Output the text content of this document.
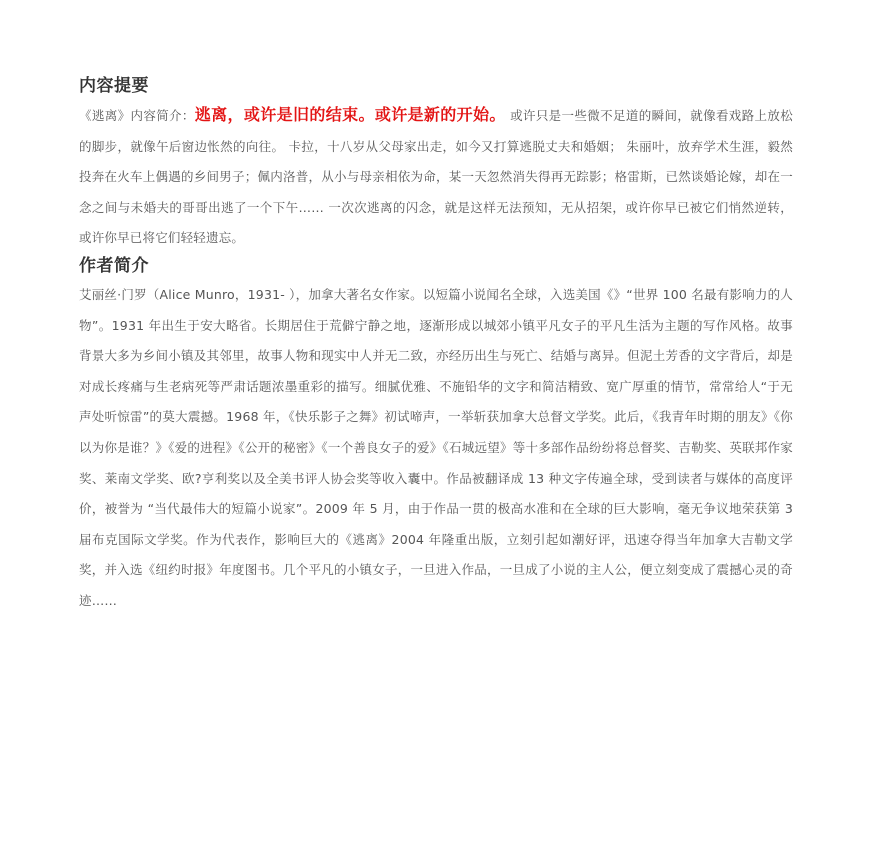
内容提要

《逃离》内容简介：逃离，或许是旧的结束。或许是新的开始。 或许只是一些微不足道的瞬间，就像看戏路上放松的脚步，就像午后窗边怅然的向往。 卡拉，十八岁从父母家出走，如今又打算逃脱丈夫和婚姻； 朱丽叶，放弃学术生涯，毅然投奔在火车上偶遇的乡间男子；佩内洛普，从小与母亲相依为命，某一天忽然消失得再无踪影；格雷斯，已然谈婚论嫁，却在一念之间与未婚夫的哥哥出逃了一个下午…… 一次次逃离的闪念，就是这样无法预知，无从招架，或许你早已被它们悄然逆转，或许你早已将它们轻轻遗忘。

作者简介

艾丽丝·门罗（Alice Munro，1931- ），加拿大著名女作家。以短篇小说闻名全球，入选美国《》“世界 100 名最有影响力的人物”。1931 年出生于安大略省。长期居住于荒僻宁静之地，逐渐形成以城郊小镇平凡女子的平凡生活为主题的写作风格。故事背景大多为乡间小镇及其邻里，故事人物和现实中人并无二致，亦经历出生与死亡、结婚与离异。但泥土芳香的文字背后，却是对成长疼痛与生老病死等严肃话题浓墨重彩的描写。细腻优雅、不施铅华的文字和简洁精致、宽广厚重的情节，常常给人“于无声处听惊雷”的莫大震撼。1968 年，《快乐影子之舞》初试啼声，一举斩获加拿大总督文学奖。此后，《我青年时期的朋友》《你以为你是谁？》《爱的进程》《公开的秘密》《一个善良女子的爱》《石城远望》等十多部作品纷纷将总督奖、吉勒奖、英联邦作家奖、莱南文学奖、欧?亨利奖以及全美书评人协会奖等收入囊中。作品被翻译成 13 种文字传遍全球，受到读者与媒体的高度评价，被誉为 “当代最伟大的短篇小说家”。2009 年 5 月，由于作品一贯的极高水准和在全球的巨大影响，毫无争议地荣获第 3 届布克国际文学奖。作为代表作，影响巨大的《逃离》2004 年隆重出版，立刻引起如潮好评，迅速夺得当年加拿大吉勒文学奖，并入选《纽约时报》年度图书。几个平凡的小镇女子，一旦进入作品，一旦成了小说的主人公，便立刻变成了震撼心灵的奇迹……
